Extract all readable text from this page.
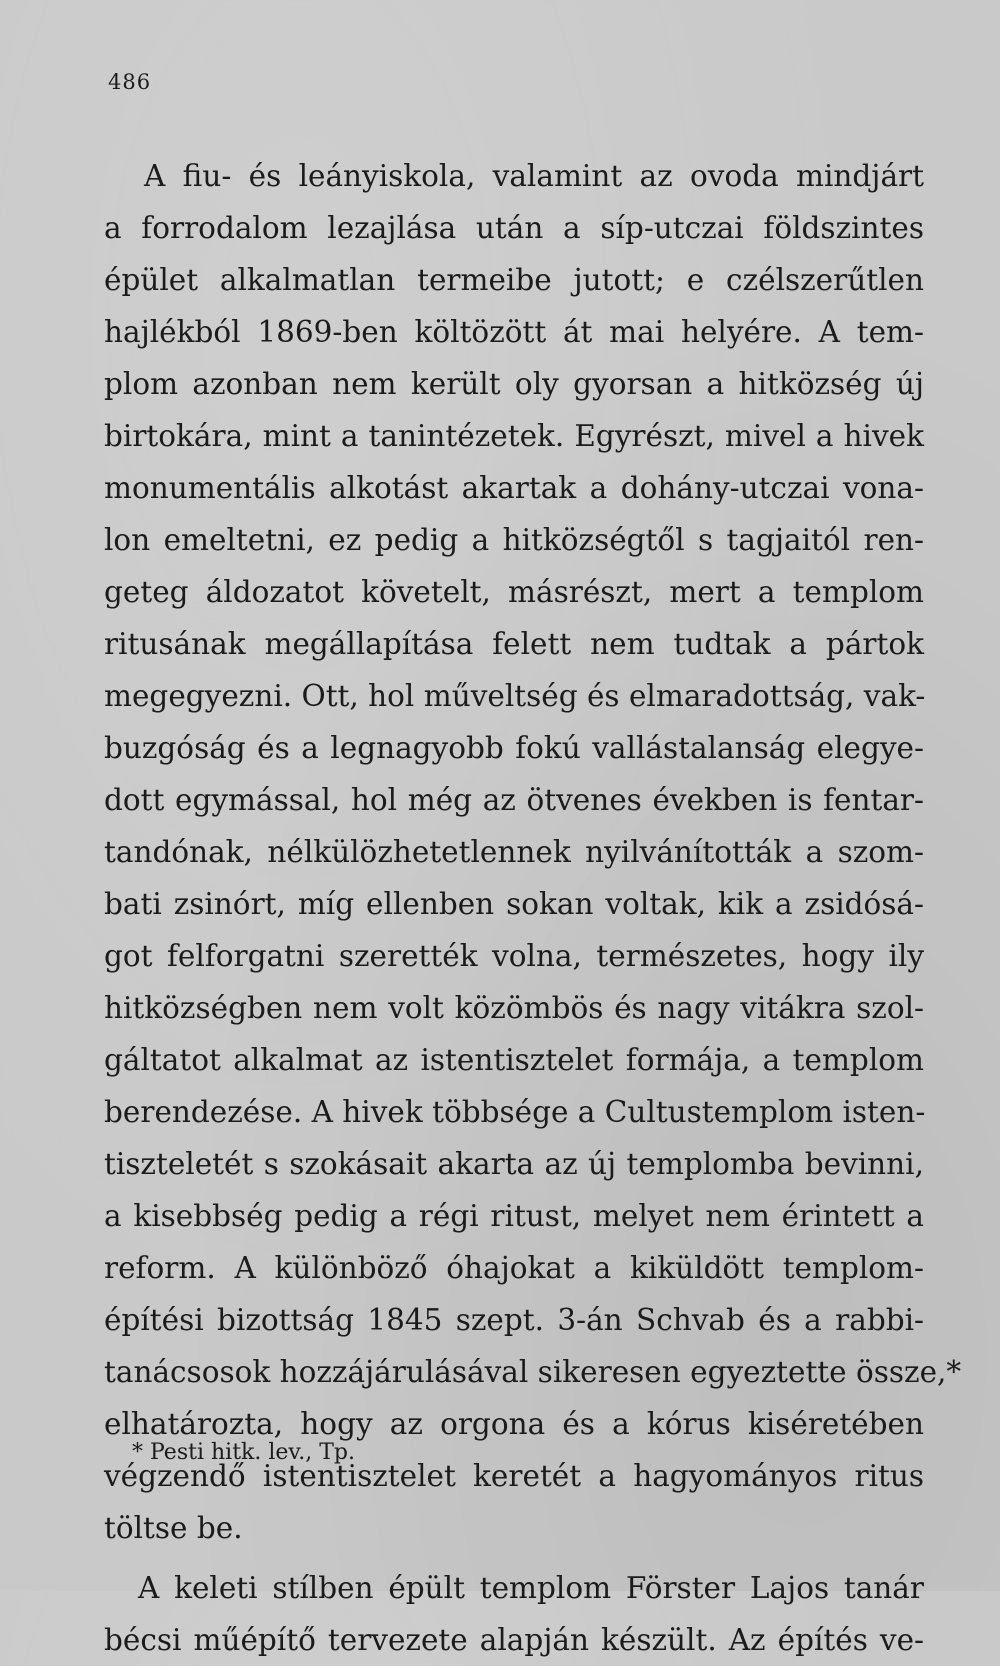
486
A fiu- és leányiskola, valamint az ovoda mindjárt
a forrodalom lezajlása után a síp-utczai földszintes
épület alkalmatlan termeibe jutott; e czélszerűtlen
hajlékból 1869-ben költözött át mai helyére. A tem-
plom azonban nem került oly gyorsan a hitközség új
birtokára, mint a tanintézetek. Egyrészt, mivel a hivek
monumentális alkotást akartak a dohány-utczai vona-
lon emeltetni, ez pedig a hitközségtől s tagjaitól ren-
geteg áldozatot követelt, másrészt, mert a templom
ritusának megállapítása felett nem tudtak a pártok
megegyezni. Ott, hol műveltség és elmaradottság, vak-
buzgóság és a legnagyobb fokú vallástalanság elegye-
dott egymással, hol még az ötvenes években is fentar-
tandónak, nélkülözhetetlennek nyilvánították a szom-
bati zsinórt, míg ellenben sokan voltak, kik a zsidósá-
got felforgatni szerették volna, természetes, hogy ily
hitközségben nem volt közömbös és nagy vitákra szol-
gáltatot alkalmat az istentisztelet formája, a templom
berendezése. A hivek többsége a Cultustemplom isten-
tiszteletét s szokásait akarta az új templomba bevinni,
a kisebbség pedig a régi ritust, melyet nem érintett a
reform. A különböző óhajokat a kiküldött templom-
építési bizottság 1845 szept. 3-án Schvab és a rabbi-
tanácsosok hozzájárulásával sikeresen egyeztette össze,*
elhatározta, hogy az orgona és a kórus kiséretében
végzendő istentisztelet keretét a hagyományos ritus
töltse be.
A keleti stílben épült templom Förster Lajos tanár
bécsi műépítő tervezete alapján készült. Az építés ve-
* Pesti hitk. lev., Tp.
